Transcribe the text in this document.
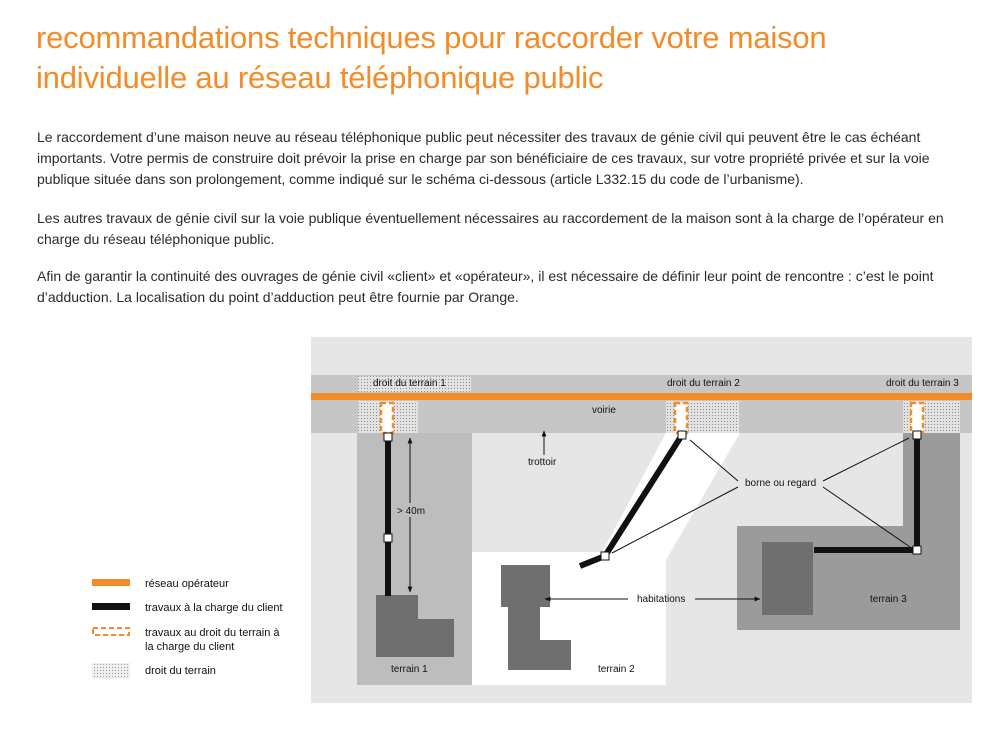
recommandations techniques pour raccorder votre maison individuelle au réseau téléphonique public

Le raccordement d’une maison neuve au réseau téléphonique public peut nécessiter des travaux de génie civil qui peuvent être le cas échéant importants. Votre permis de construire doit prévoir la prise en charge par son bénéficiaire de ces travaux, sur votre propriété privée et sur la voie publique située dans son prolongement, comme indiqué sur le schéma ci-dessous (article L332.15 du code de l’urbanisme).

Les autres travaux de génie civil sur la voie publique éventuellement nécessaires au raccordement de la maison sont à la charge de l’opérateur en charge du réseau téléphonique public.

Afin de garantir la continuité des ouvrages de génie civil «client» et «opérateur», il est nécessaire de définir leur point de rencontre : c’est le point d’adduction. La localisation du point d’adduction peut être fournie par Orange.

droit du terrain 1	droit du terrain 2	droit du terrain 3
voirie
trottoir
> 40m
borne ou regard
habitations
terrain 1	terrain 2
terrain 3
réseau opérateur
travaux à la charge du client
travaux au droit du terrain à
la charge du client
droit du terrain
